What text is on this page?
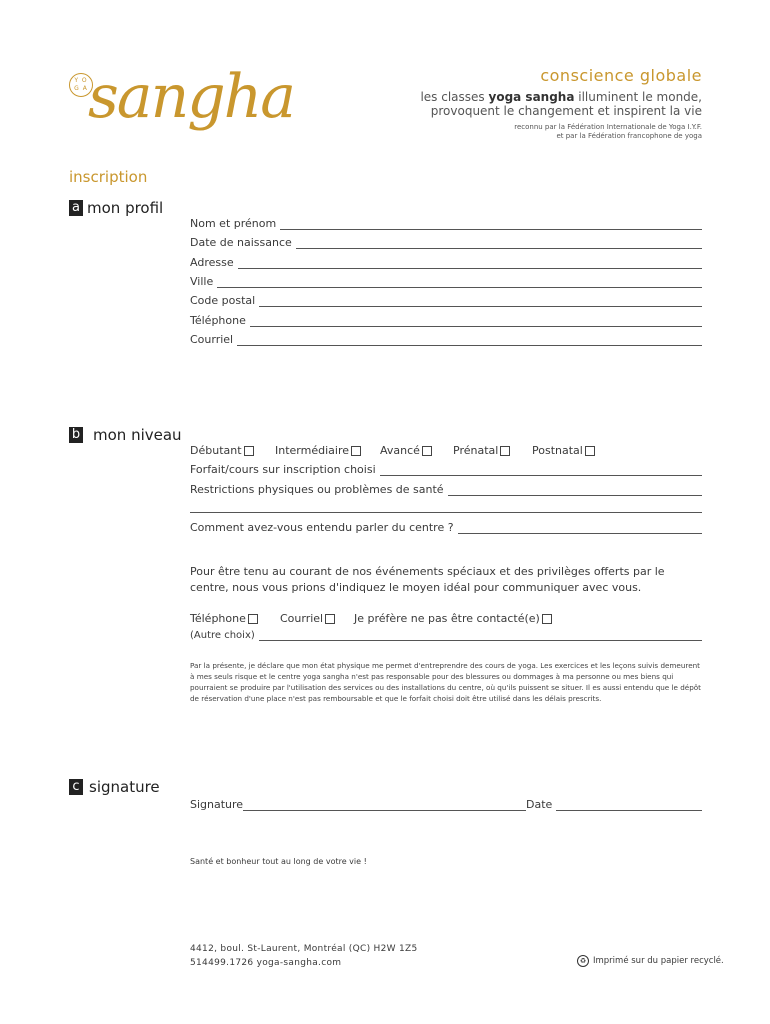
Y O
G A sangha	conscience globale
les classes yoga sangha illuminent le monde,
provoquent le changement et inspirent la vie
reconnu par la Fédération Internationale de Yoga I.Y.F.
et par la Fédération francophone de yoga
inscription
a mon profil
Nom et prénom
Date de naissance
Adresse
Ville
Code postal
Téléphone
Courriel
b mon niveau
Débutant	Intermédiaire	Avancé	Prénatal	Postnatal
Forfait/cours sur inscription choisi
Restrictions physiques ou problèmes de santé
Comment avez-vous entendu parler du centre ?
Pour être tenu au courant de nos événements spéciaux et des privilèges offerts par le centre, nous vous prions d'indiquez le moyen idéal pour communiquer avec vous.
Téléphone	Courriel	Je préfère ne pas être contacté(e)
(Autre choix)
Par la présente, je déclare que mon état physique me permet d'entreprendre des cours de yoga. Les exercices et les leçons suivis demeurent à mes seuls risque et le centre yoga sangha n'est pas responsable pour des blessures ou dommages à ma personne ou mes biens qui pourraient se produire par l'utilisation des services ou des installations du centre, où qu'ils puissent se situer. Il es aussi entendu que le dépôt de réservation d'une place n'est pas remboursable et que le forfait choisi doit être utilisé dans les délais prescrits.
c signature
Signature	Date
Santé et bonheur tout au long de votre vie !
4412, boul. St-Laurent, Montréal (QC) H2W 1Z5
514499.1726 yoga-sangha.com	♻ Imprimé sur du papier recyclé.
